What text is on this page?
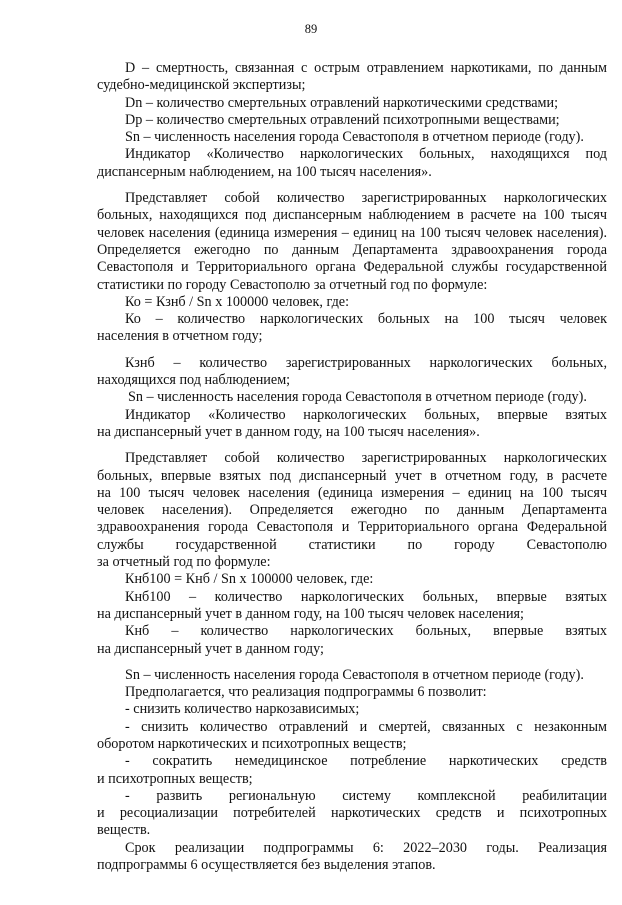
89
D – смертность, связанная с острым отравлением наркотиками, по данным
судебно-медицинской экспертизы;
Dn – количество смертельных отравлений наркотическими средствами;
Dp – количество смертельных отравлений психотропными веществами;
Sn – численность населения города Севастополя в отчетном периоде (году).
Индикатор «Количество наркологических больных, находящихся под
диспансерным наблюдением, на 100 тысяч населения».
Представляет собой количество зарегистрированных наркологических
больных, находящихся под диспансерным наблюдением в расчете на 100 тысяч
человек населения (единица измерения – единиц на 100 тысяч человек населения).
Определяется ежегодно по данным Департамента здравоохранения города
Севастополя и Территориального органа Федеральной службы государственной
статистики по городу Севастополю за отчетный год по формуле:
Ко = Кзнб / Sn х 100000 человек, где:
Ко – количество наркологических больных на 100 тысяч человек
населения в отчетном году;
Кзнб – количество зарегистрированных наркологических больных,
находящихся под наблюдением;
Sn – численность населения города Севастополя в отчетном периоде (году).
Индикатор «Количество наркологических больных, впервые взятых
на диспансерный учет в данном году, на 100 тысяч населения».
Представляет собой количество зарегистрированных наркологических
больных, впервые взятых под диспансерный учет в отчетном году, в расчете
на 100 тысяч человек населения (единица измерения – единиц на 100 тысяч
человек населения). Определяется ежегодно по данным Департамента
здравоохранения города Севастополя и Территориального органа Федеральной
службы государственной статистики по городу Севастополю
за отчетный год по формуле:
Кнб100 = Кнб / Sn х 100000 человек, где:
Кнб100 – количество наркологических больных, впервые взятых
на диспансерный учет в данном году, на 100 тысяч человек населения;
Кнб – количество наркологических больных, впервые взятых
на диспансерный учет в данном году;
Sn – численность населения города Севастополя в отчетном периоде (году).
Предполагается, что реализация подпрограммы 6 позволит:
- снизить количество наркозависимых;
- снизить количество отравлений и смертей, связанных с незаконным
оборотом наркотических и психотропных веществ;
- сократить немедицинское потребление наркотических средств
и психотропных веществ;
- развить региональную систему комплексной реабилитации
и ресоциализации потребителей наркотических средств и психотропных
веществ.
Срок реализации подпрограммы 6: 2022–2030 годы. Реализация
подпрограммы 6 осуществляется без выделения этапов.
